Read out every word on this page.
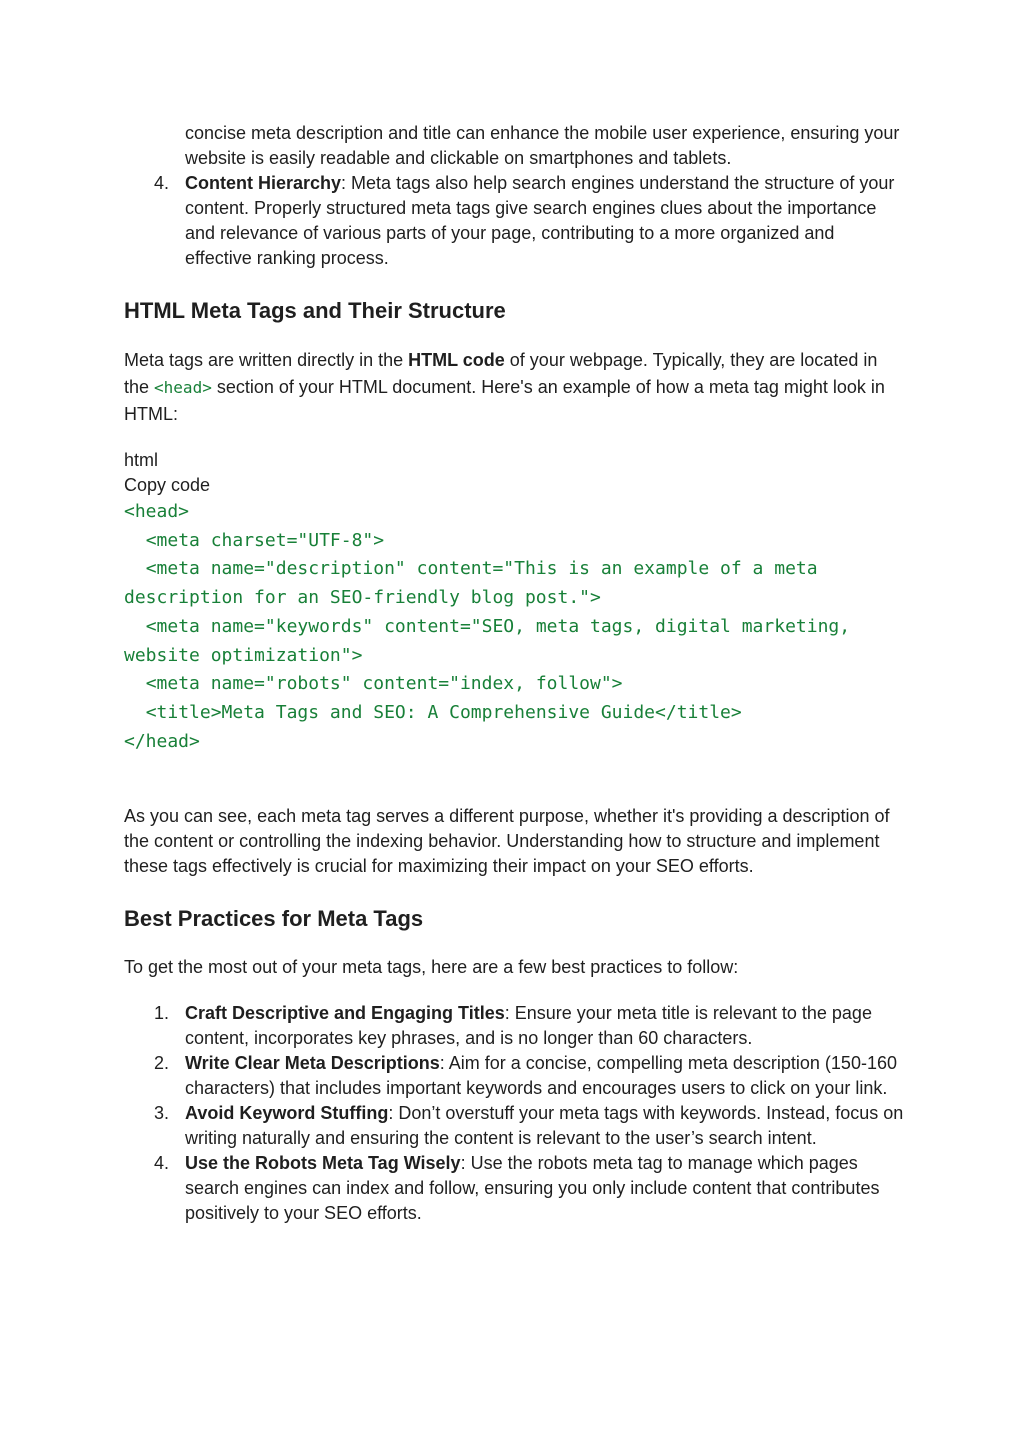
concise meta description and title can enhance the mobile user experience, ensuring your website is easily readable and clickable on smartphones and tablets.
4. Content Hierarchy: Meta tags also help search engines understand the structure of your content. Properly structured meta tags give search engines clues about the importance and relevance of various parts of your page, contributing to a more organized and effective ranking process.
HTML Meta Tags and Their Structure

Meta tags are written directly in the HTML code of your webpage. Typically, they are located in the <head> section of your HTML document. Here's an example of how a meta tag might look in HTML:

html

Copy code

<head>
<meta charset="UTF-8">
<meta name="description" content="This is an example of a meta description for an SEO-friendly blog post.">
<meta name="keywords" content="SEO, meta tags, digital marketing, website optimization">
<meta name="robots" content="index, follow">
<title>Meta Tags and SEO: A Comprehensive Guide</title>
</head>

As you can see, each meta tag serves a different purpose, whether it's providing a description of the content or controlling the indexing behavior. Understanding how to structure and implement these tags effectively is crucial for maximizing their impact on your SEO efforts.

Best Practices for Meta Tags

To get the most out of your meta tags, here are a few best practices to follow:

1. Craft Descriptive and Engaging Titles: Ensure your meta title is relevant to the page content, incorporates key phrases, and is no longer than 60 characters.
2. Write Clear Meta Descriptions: Aim for a concise, compelling meta description (150-160 characters) that includes important keywords and encourages users to click on your link.
3. Avoid Keyword Stuffing: Don’t overstuff your meta tags with keywords. Instead, focus on writing naturally and ensuring the content is relevant to the user’s search intent.
4. Use the Robots Meta Tag Wisely: Use the robots meta tag to manage which pages search engines can index and follow, ensuring you only include content that contributes positively to your SEO efforts.
